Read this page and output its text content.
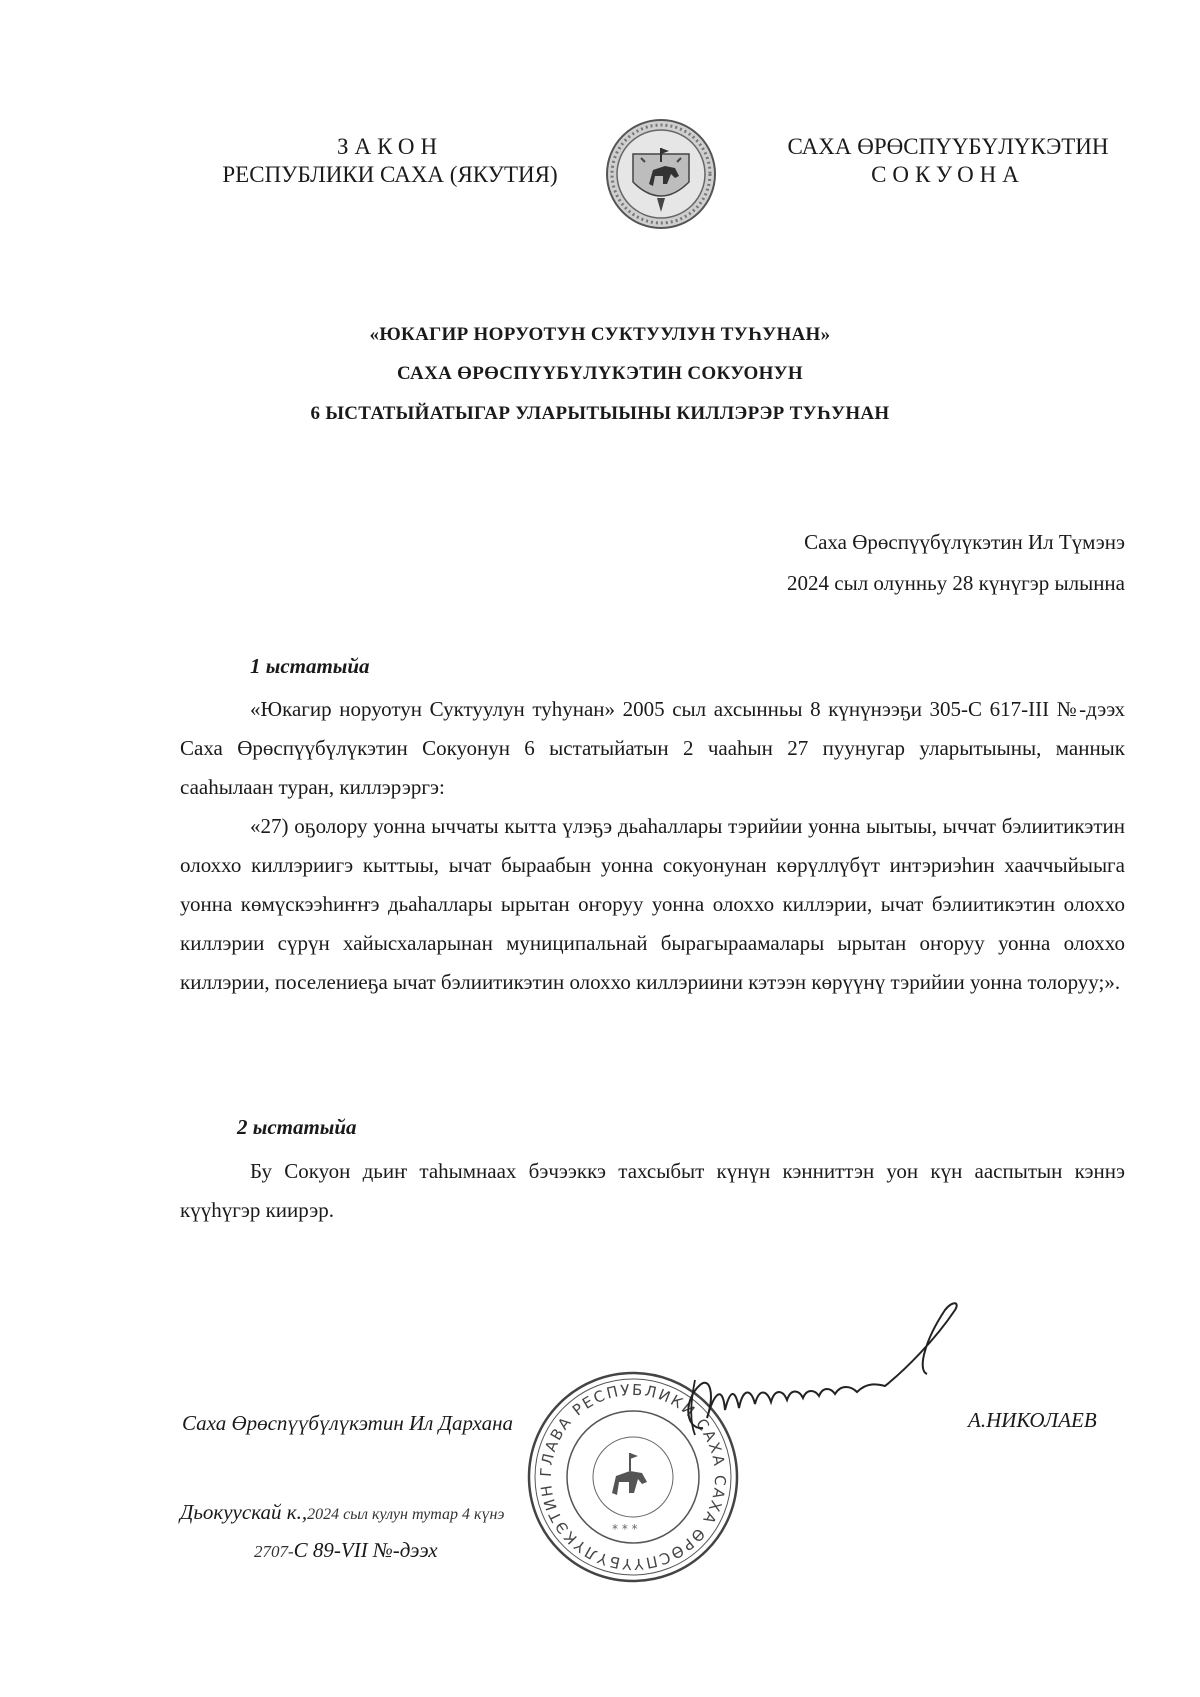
ЗАКОН
РЕСПУБЛИКИ САХА (ЯКУТИЯ)
САХА ӨРӨСПҮҮБҮЛҮКЭТИН
СОКУОНА
«ЮКАГИР НОРУОТУН СУКТУУЛУН ТУҺУНАН»
САХА ӨРӨСПҮҮБҮЛҮКЭТИН СОКУОНУН
6 ЫСТАТЫЙАТЫГАР УЛАРЫТЫЫНЫ КИЛЛЭРЭР ТУҺУНАН
Саха Өрөспүүбүлүкэтин Ил Түмэнэ
2024 сыл олунньу 28 күнүгэр ылынна
1 ыстатыйа

«Юкагир норуотун Суктуулун туһунан» 2005 сыл ахсынньы 8 күнүнээҕи 305-С 617-III №-дээх Саха Өрөспүүбүлүкэтин Сокуонун 6 ыстатыйатын 2 чааһын 27 пуунугар уларытыыны, маннык сааһылаан туран, киллэрэргэ:

«27) оҕолору уонна ыччаты кытта үлэҕэ дьаһаллары тэрийии уонна ыытыы, ыччат бэлиитикэтин олоххо киллэриигэ кыттыы, ычат быраабын уонна сокуонунан көрүллүбүт интэриэһин хааччыйыыга уонна көмүскээһиҥҥэ дьаһаллары ырытан оҥоруу уонна олоххо киллэрии, ычат бэлиитикэтин олоххо киллэрии сүрүн хайысхаларынан муниципальнай бырагыраамалары ырытан оҥоруу уонна олоххо киллэрии, поселениеҕа ычат бэлиитикэтин олоххо киллэриини кэтээн көрүүнү тэрийии уонна толоруу;».

2 ыстатыйа

Бу Сокуон дьиҥ таһымнаах бэчээккэ тахсыбыт күнүн кэнниттэн уон күн ааспытын кэннэ күүһүгэр киирэр.

Саха Өрөспүүбүлүкэтин Ил Дархана	А.НИКОЛАЕВ
Дьокуускай к.,2024 сыл кулун тутар 4 күнэ
2707-С 89-VII №-дээх
ГЛАВА РЕСПУБЛИКИ САХА САХА ӨРӨСПҮҮБҮЛҮКЭТИН
* * *
